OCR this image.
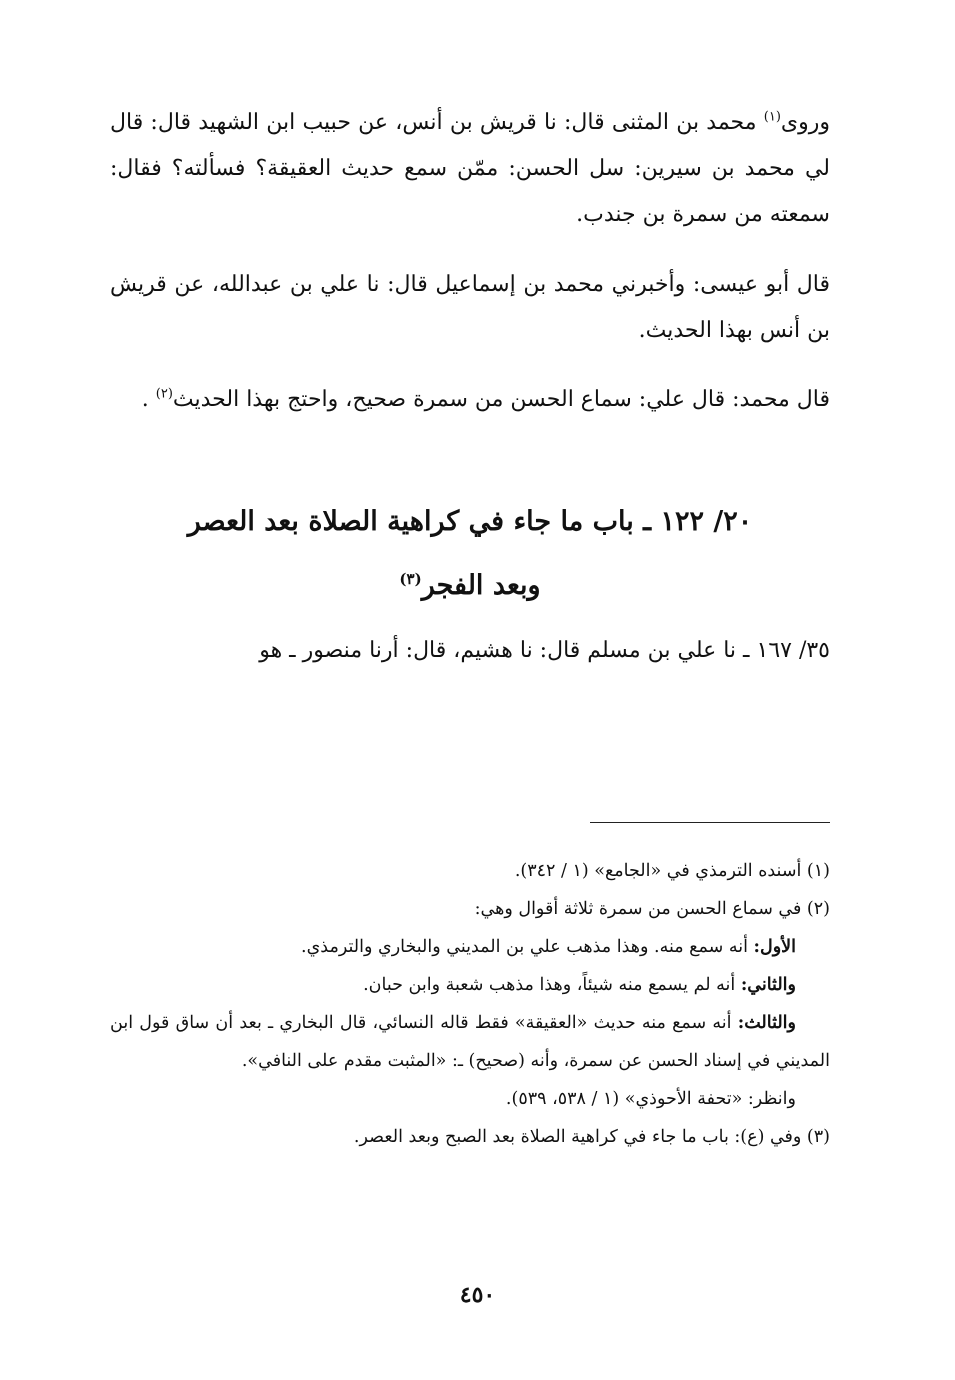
وروى$^{(١)}$ محمد بن المثنى قال: نا قريش بن أنس، عن حبيب ابن الشهيد قال: قال لي محمد بن سيرين: سل الحسن: ممّن سمع حديث العقيقة؟ فسألته؟ فقال: سمعته من سمرة بن جندب.

قال أبو عيسى: وأخبرني محمد بن إسماعيل قال: نا علي بن عبدالله، عن قريش بن أنس بهذا الحديث.

قال محمد: قال علي: سماع الحسن من سمرة صحيح، واحتج بهذا الحديث$^{(٢)}$ .

٢٠/ ١٢٢ ـ باب ما جاء في كراهية الصلاة بعد العصر
وبعد الفجر$^{(٣)}$

٣٥/ ١٦٧ ـ نا علي بن مسلم قال: نا هشيم، قال: أرنا منصور ـ هو

(١) أسنده الترمذي في «الجامع» (١ / ٣٤٢).

(٢) في سماع الحسن من سمرة ثلاثة أقوال وهي:

الأول: أنه سمع منه. وهذا مذهب علي بن المديني والبخاري والترمذي.

والثاني: أنه لم يسمع منه شيئاً، وهذا مذهب شعبة وابن حبان.

والثالث: أنه سمع منه حديث «العقيقة» فقط قاله النسائي، قال البخاري ـ بعد أن ساق قول ابن المديني في إسناد الحسن عن سمرة، وأنه (صحيح) ـ: «المثبت مقدم على النافي».

وانظر: «تحفة الأحوذي» (١ / ٥٣٨، ٥٣٩).

(٣) وفي (ع): باب ما جاء في كراهية الصلاة بعد الصبح وبعد العصر.

٤٥٠
